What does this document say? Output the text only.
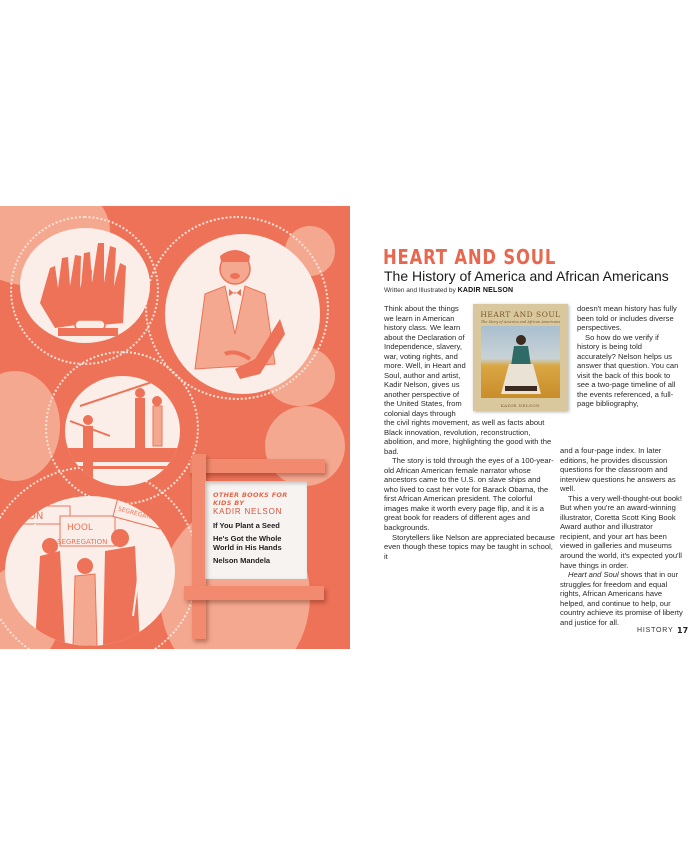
TION
HOOL
SEGREGATION
SEGREGATION
OTHER BOOKS FOR KIDS BY
KADIR NELSON
If You Plant a Seed
He's Got the Whole World in His Hands
Nelson Mandela
HEART AND SOUL
The History of America and African Americans
Written and Illustrated by KADIR NELSON
HEART AND SOUL
The Story of America and African Americans
KADIR NELSON

Think about the things we learn in American history class. We learn about the Declaration of Independence, slavery, war, voting rights, and more. Well, in Heart and Soul, author and artist, Kadir Nelson, gives us another perspective of the United States, from colonial days through

the civil rights movement, as well as facts about Black innovation, revolution, reconstruction, abolition, and more, highlighting the good with the bad.

The story is told through the eyes of a 100-year-old African American female narrator whose ancestors came to the U.S. on slave ships and who lived to cast her vote for Barack Obama, the first African American president. The colorful images make it worth every page flip, and it is a great book for readers of different ages and backgrounds.

Storytellers like Nelson are appreciated because even though these topics may be taught in school, it

doesn't mean history has fully been told or includes diverse perspectives.

So how do we verify if history is being told accurately? Nelson helps us answer that question. You can visit the back of this book to see a two-page timeline of all the events referenced, a full-page bibliography,

and a four-page index. In later editions, he provides discussion questions for the classroom and interview questions he answers as well.

This a very well-thought-out book! But when you're an award-winning illustrator, Coretta Scott King Book Award author and illustrator recipient, and your art has been viewed in galleries and museums around the world, it's expected you'll have things in order.

Heart and Soul shows that in our struggles for freedom and equal rights, African Americans have helped, and continue to help, our country achieve its promise of liberty and justice for all.

HISTORY 17
